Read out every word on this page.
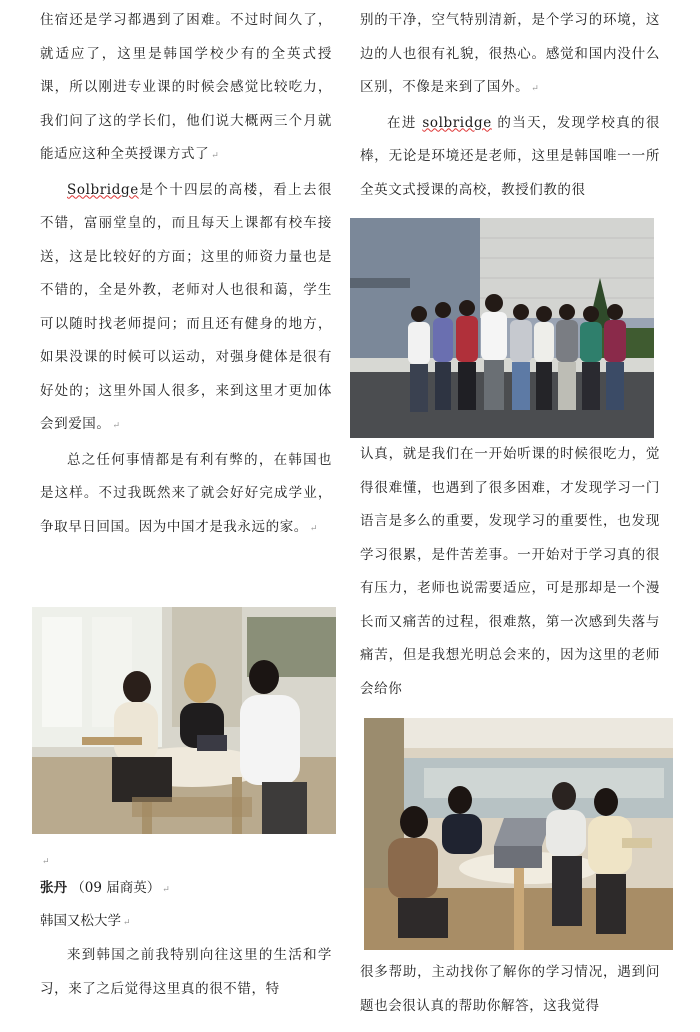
住宿还是学习都遇到了困难。不过时间久了，就适应了，这里是韩国学校少有的全英式授课，所以刚进专业课的时候会感觉比较吃力，我们问了这的学长们，他们说大概两三个月就能适应这种全英授课方式了 ↵

Solbridge是个十四层的高楼，看上去很不错，富丽堂皇的，而且每天上课都有校车接送，这是比较好的方面；这里的师资力量也是不错的，全是外教，老师对人也很和蔼，学生可以随时找老师提问；而且还有健身的地方，如果没课的时候可以运动，对强身健体是很有好处的；这里外国人很多，来到这里才更加体会到爱国。 ↵

总之任何事情都是有利有弊的，在韩国也是这样。不过我既然来了就会好好完成学业，争取早日回国。因为中国才是我永远的家。 ↵

↵
张丹 （09 届商英） ↵
韩国又松大学 ↵

来到韩国之前我特别向往这里的生活和学习，来了之后觉得这里真的很不错，特

别的干净，空气特别清新，是个学习的环境，这边的人也很有礼貌，很热心。感觉和国内没什么区别，不像是来到了国外。 ↵

在进 solbridge 的当天，发现学校真的很棒，无论是环境还是老师，这里是韩国唯一一所全英文式授课的高校，教授们教的很

认真，就是我们在一开始听课的时候很吃力，觉得很难懂，也遇到了很多困难，才发现学习一门语言是多么的重要，发现学习的重要性，也发现学习很累，是件苦差事。一开始对于学习真的很有压力，老师也说需要适应，可是那却是一个漫长而又痛苦的过程，很难熬，第一次感到失落与痛苦，但是我想光明总会来的，因为这里的老师会给你

很多帮助，主动找你了解你的学习情况，遇到问题也会很认真的帮助你解答，这我觉得
